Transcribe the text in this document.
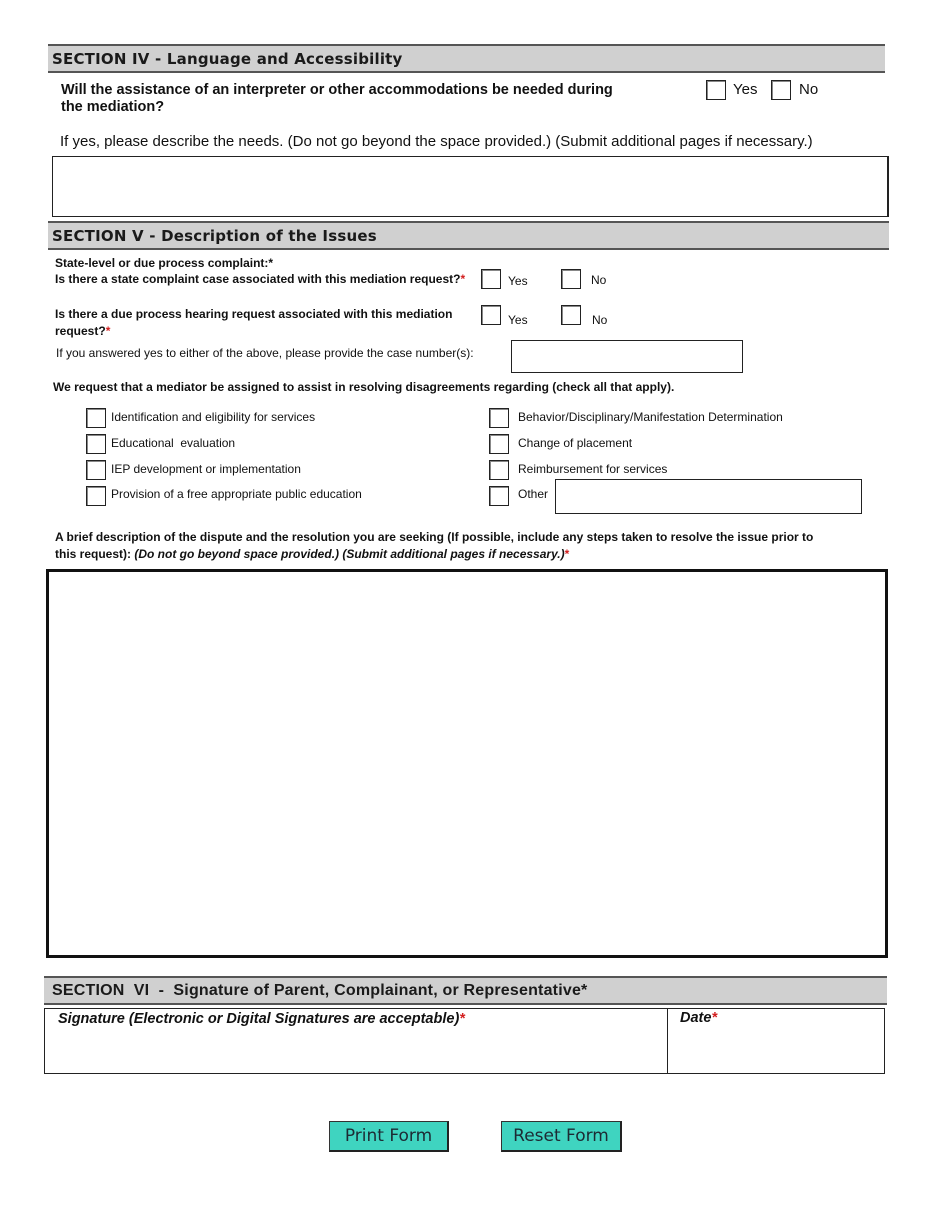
SECTION IV - Language and Accessibility
Will the assistance of an interpreter or other accommodations be needed during
the mediation?
Yes	No
If yes, please describe the needs. (Do not go beyond the space provided.) (Submit additional pages if necessary.)
SECTION V - Description of the Issues
State-level or due process complaint:*
Is there a state complaint case associated with this mediation request?*	Yes	No
Is there a due process hearing request associated with this mediation
request?*
Yes	No
If you answered yes to either of the above, please provide the case number(s):
We request that a mediator be assigned to assist in resolving disagreements regarding (check all that apply).
Identification and eligibility for services
Educational  evaluation
IEP development or implementation
Provision of a free appropriate public education
Behavior/Disciplinary/Manifestation Determination
Change of placement
Reimbursement for services
Other
A brief description of the dispute and the resolution you are seeking (If possible, include any steps taken to resolve the issue prior to
this request): (Do not go beyond space provided.) (Submit additional pages if necessary.)*
SECTION  VI  -  Signature of Parent, Complainant, or Representative*
Signature (Electronic or Digital Signatures are acceptable)*	Date*
Print Form	Reset Form
